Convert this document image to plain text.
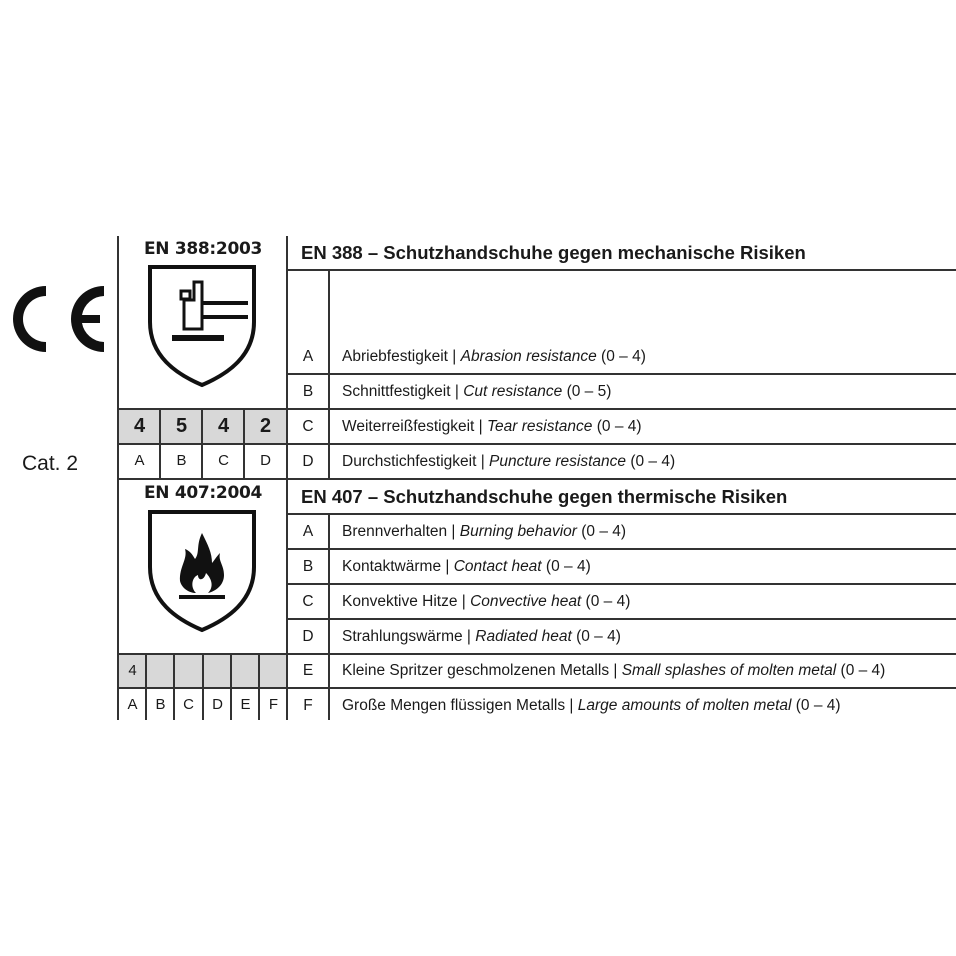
Cat. 2
EN 388:2003
4	5	4	2
A	B	C	D
EN 407:2004
4
A	B	C	D	E	F
EN 388 – Schutzhandschuhe gegen mechanische Risiken
A	Abriebfestigkeit | Abrasion resistance (0 – 4)
B	Schnittfestigkeit | Cut resistance (0 – 5)
C	Weiterreißfestigkeit | Tear resistance (0 – 4)
D	Durchstichfestigkeit | Puncture resistance (0 – 4)
EN 407 – Schutzhandschuhe gegen thermische Risiken
A	Brennverhalten | Burning behavior (0 – 4)
B	Kontaktwärme | Contact heat (0 – 4)
C	Konvektive Hitze | Convective heat (0 – 4)
D	Strahlungswärme | Radiated heat (0 – 4)
E	Kleine Spritzer geschmolzenen Metalls | Small splashes of molten metal (0 – 4)
F	Große Mengen flüssigen Metalls | Large amounts of molten metal (0 – 4)
